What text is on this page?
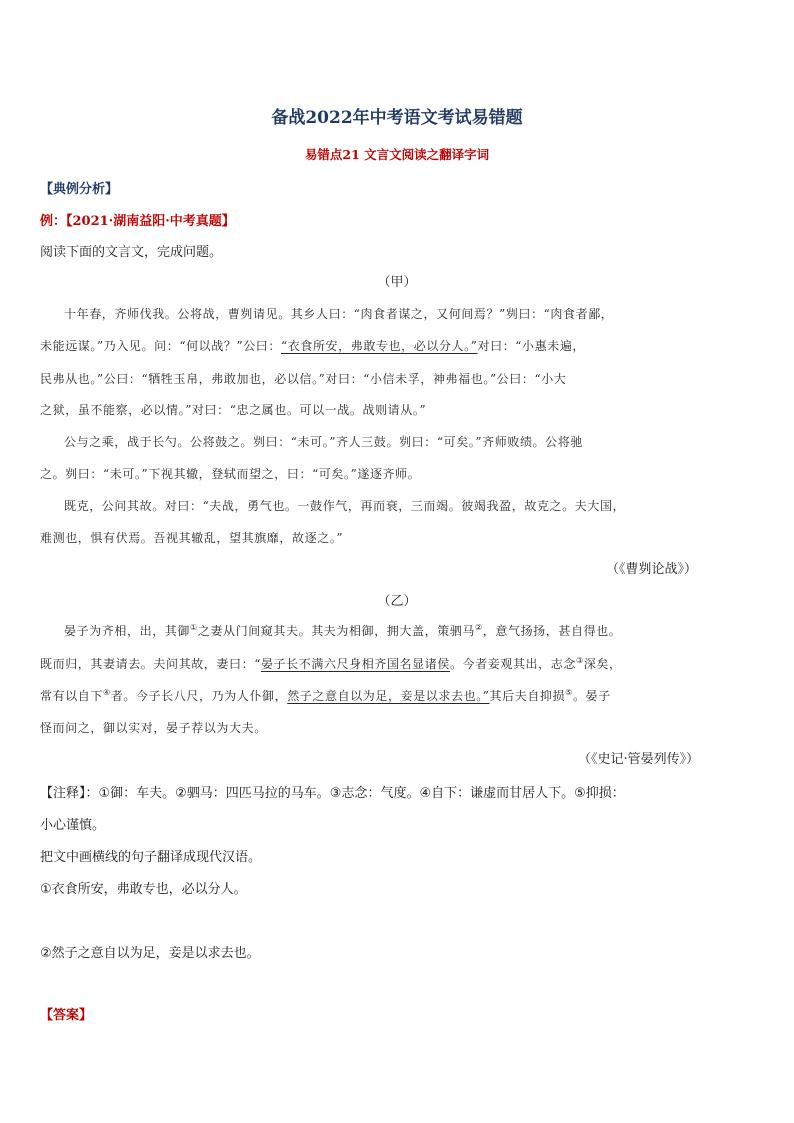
备战2022年中考语文考试易错题
易错点21 文言文阅读之翻译字词
【典例分析】
例：【2021·湖南益阳·中考真题】
阅读下面的文言文，完成问题。
（甲）
十年春，齐师伐我。公将战，曹刿请见。其乡人曰：“肉食者谋之，又何间焉？”刿曰：“肉食者鄙，
未能远谋。”乃入见。问：“何以战？”公曰：“衣食所安，弗敢专也，必以分人。”对曰：“小惠未遍，
民弗从也。”公曰：“牺牲玉帛，弗敢加也，必以信。”对曰：“小信未孚，神弗福也。”公曰：“小大
之狱，虽不能察，必以情。”对曰：“忠之属也。可以一战。战则请从。”
公与之乘，战于长勺。公将鼓之。刿曰：“未可。”齐人三鼓。刿曰：“可矣。”齐师败绩。公将驰
之。刿曰：“未可。”下视其辙，登轼而望之，曰：“可矣。”遂逐齐师。
既克，公问其故。对曰：“夫战，勇气也。一鼓作气，再而衰，三而竭。彼竭我盈，故克之。夫大国，
难测也，惧有伏焉。吾视其辙乱，望其旗靡，故逐之。”
（《曹刿论战》）
（乙）
晏子为齐相，出，其御①之妻从门间窥其夫。其夫为相御，拥大盖，策驷马②，意气扬扬，甚自得也。
既而归，其妻请去。夫问其故，妻曰：“晏子长不满六尺身相齐国名显诸侯。今者妾观其出，志念③深矣，
常有以自下④者。今子长八尺，乃为人仆御，然子之意自以为足，妾是以求去也。”其后夫自抑损⑤。晏子
怪而问之，御以实对，晏子荐以为大夫。
（《史记·管晏列传》）
【注释】：①御：车夫。②驷马：四匹马拉的马车。③志念：气度。④自下：谦虚而甘居人下。⑤抑损：
小心谨慎。
把文中画横线的句子翻译成现代汉语。
①衣食所安，弗敢专也，必以分人。
②然子之意自以为足，妾是以求去也。
【答案】
